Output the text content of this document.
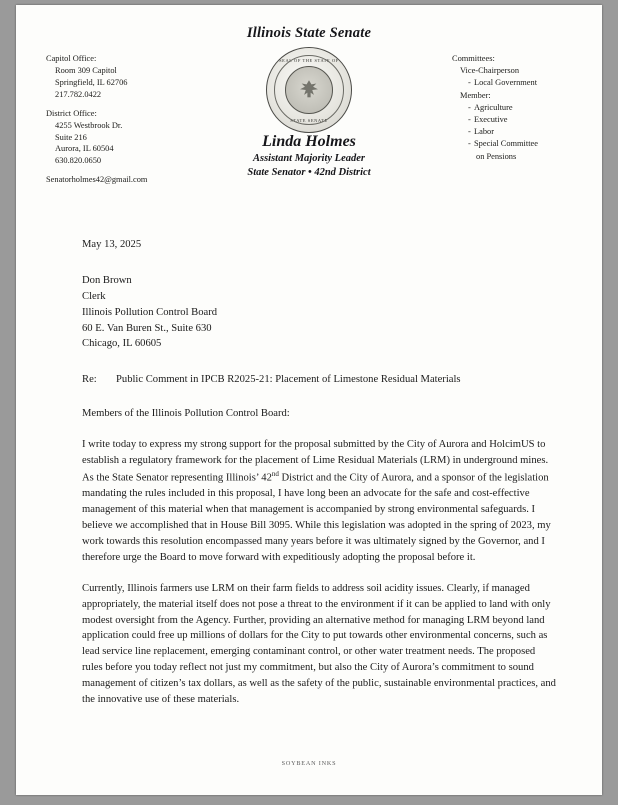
Illinois State Senate
SEAL OF THE STATE OF
STATE SENATE
Linda Holmes
Assistant Majority Leader
State Senator • 42nd District
Capitol Office:
Room 309 Capitol
Springfield, IL 62706
217.782.0422
District Office:
4255 Westbrook Dr.
Suite 216
Aurora, IL 60504
630.820.0650
Senatorholmes42@gmail.com
Committees:
Vice-Chairperson
- Local Government
Member:
- Agriculture
- Executive
- Labor
- Special Committee
on Pensions
May 13, 2025
Don Brown
Clerk
Illinois Pollution Control Board
60 E. Van Buren St., Suite 630
Chicago, IL 60605
Re:	Public Comment in IPCB R2025-21: Placement of Limestone Residual Materials
Members of the Illinois Pollution Control Board:

I write today to express my strong support for the proposal submitted by the City of Aurora and HolcimUS to establish a regulatory framework for the placement of Lime Residual Materials (LRM) in underground mines. As the State Senator representing Illinois’ 42nd District and the City of Aurora, and a sponsor of the legislation mandating the rules included in this proposal, I have long been an advocate for the safe and cost-effective management of this material when that management is accompanied by strong environmental safeguards. I believe we accomplished that in House Bill 3095. While this legislation was adopted in the spring of 2023, my work towards this resolution encompassed many years before it was ultimately signed by the Governor, and I therefore urge the Board to move forward with expeditiously adopting the proposal before it.

Currently, Illinois farmers use LRM on their farm fields to address soil acidity issues. Clearly, if managed appropriately, the material itself does not pose a threat to the environment if it can be applied to land with only modest oversight from the Agency. Further, providing an alternative method for managing LRM beyond land application could free up millions of dollars for the City to put towards other environmental concerns, such as lead service line replacement, emerging contaminant control, or other water treatment needs. The proposed rules before you today reflect not just my commitment, but also the City of Aurora’s commitment to sound management of citizen’s tax dollars, as well as the safety of the public, sustainable environmental practices, and the innovative use of these materials.

SOYBEAN INKS
